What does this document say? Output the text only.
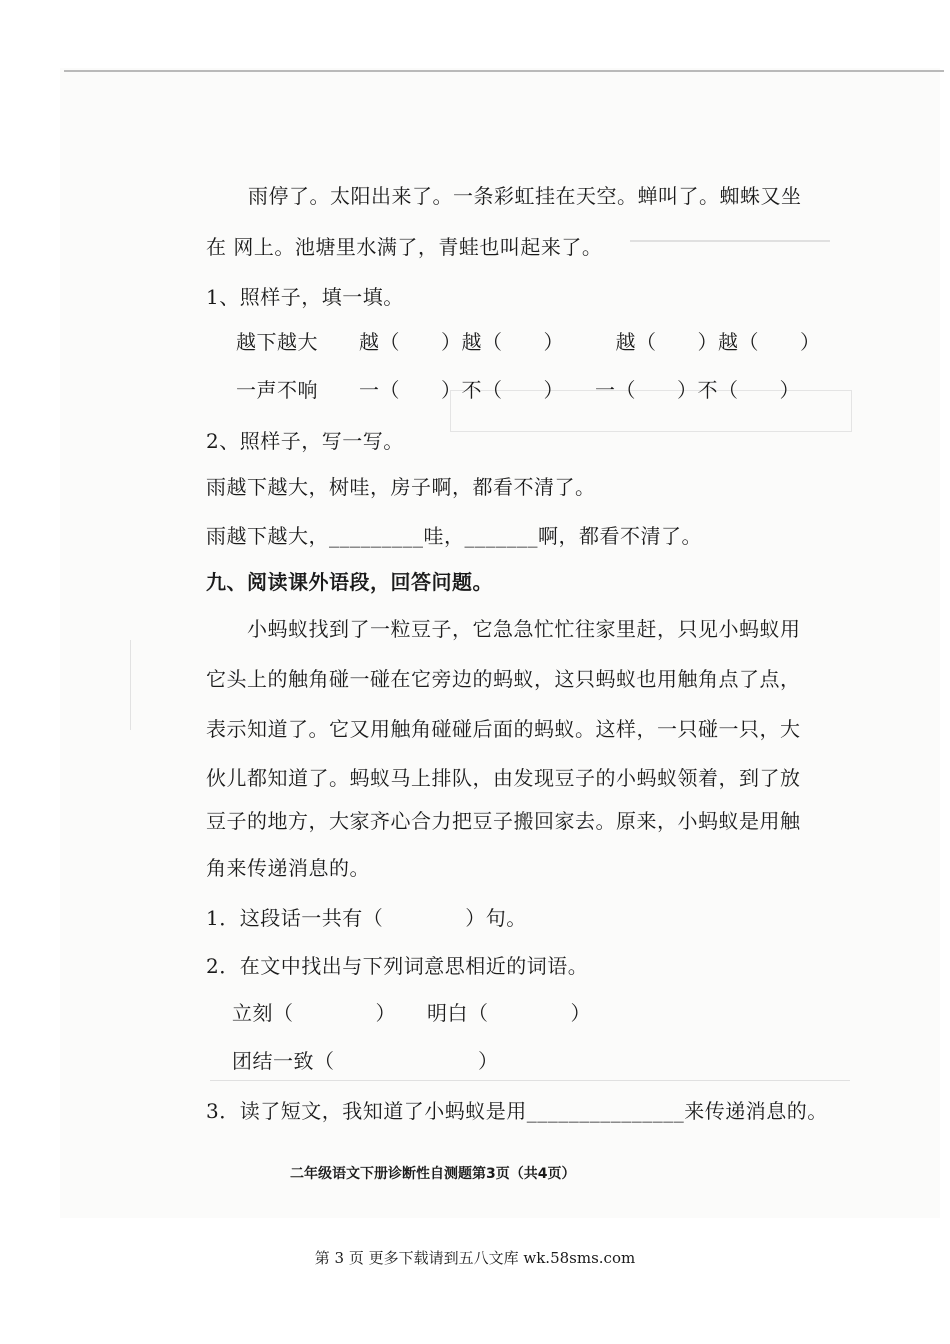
雨停了。太阳出来了。一条彩虹挂在天空。蝉叫了。蜘蛛又坐
在 网上。池塘里水满了，青蛙也叫起来了。
1、照样子，填一填。
越下越大　　越（　　）越（　　）　　　越（　　）越（　　）
一声不响　　一（　　）不（　　）　　一（　　）不（　　）
2、照样子，写一写。
雨越下越大，树哇，房子啊，都看不清了。
雨越下越大，_________哇，_______啊，都看不清了。
九、阅读课外语段，回答问题。
　　小蚂蚁找到了一粒豆子，它急急忙忙往家里赶，只见小蚂蚁用
它头上的触角碰一碰在它旁边的蚂蚁，这只蚂蚁也用触角点了点，
表示知道了。它又用触角碰碰后面的蚂蚁。这样，一只碰一只，大
伙儿都知道了。蚂蚁马上排队，由发现豆子的小蚂蚁领着，到了放
豆子的地方，大家齐心合力把豆子搬回家去。原来，小蚂蚁是用触
角来传递消息的。
1．这段话一共有（　　　　）句。
2．在文中找出与下列词意思相近的词语。
立刻（　　　　）　　明白（　　　　）
团结一致（　　　　　　　）
3．读了短文，我知道了小蚂蚁是用_______________来传递消息的。
二年级语文下册诊断性自测题第3页（共4页）
第 3 页 更多下载请到五八文库 wk.58sms.com
